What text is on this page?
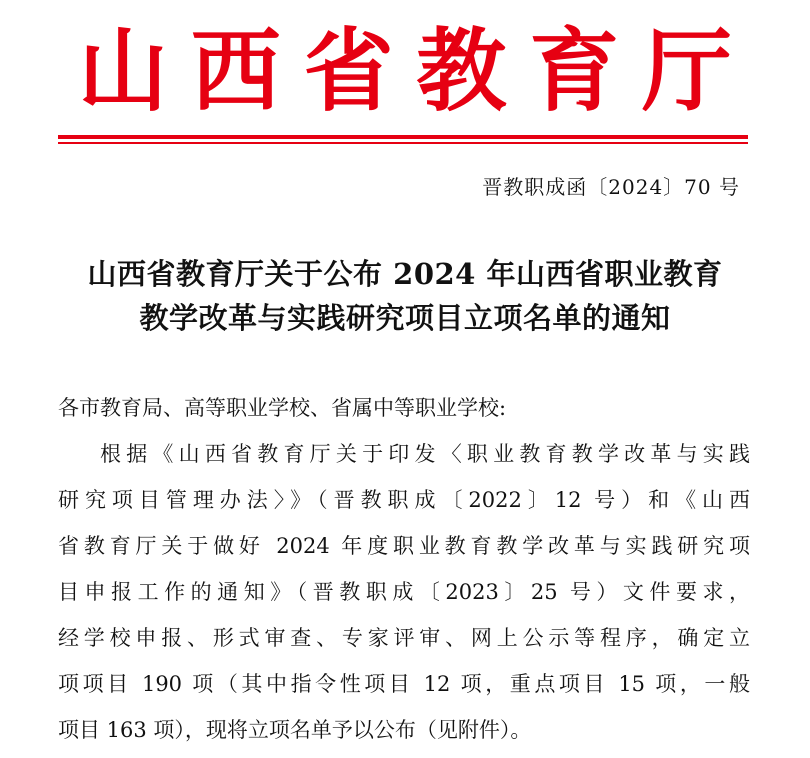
山 西 省 教 育 厅
晋教职成函〔2024〕70 号
山西省教育厅关于公布 2024 年山西省职业教育
教学改革与实践研究项目立项名单的通知
各市教育局、高等职业学校、省属中等职业学校:
根据《山西省教育厅关于印发〈职业教育教学改革与实践
研究项目管理办法〉》（晋教职成〔2022〕12 号）和《山西
省教育厅关于做好 2024 年度职业教育教学改革与实践研究项
目申报工作的通知》（晋教职成〔2023〕25 号）文件要求，
经学校申报、形式审查、专家评审、网上公示等程序，确定立
项项目 190 项（其中指令性项目 12 项，重点项目 15 项，一般
项目 163 项），现将立项名单予以公布（见附件）。
